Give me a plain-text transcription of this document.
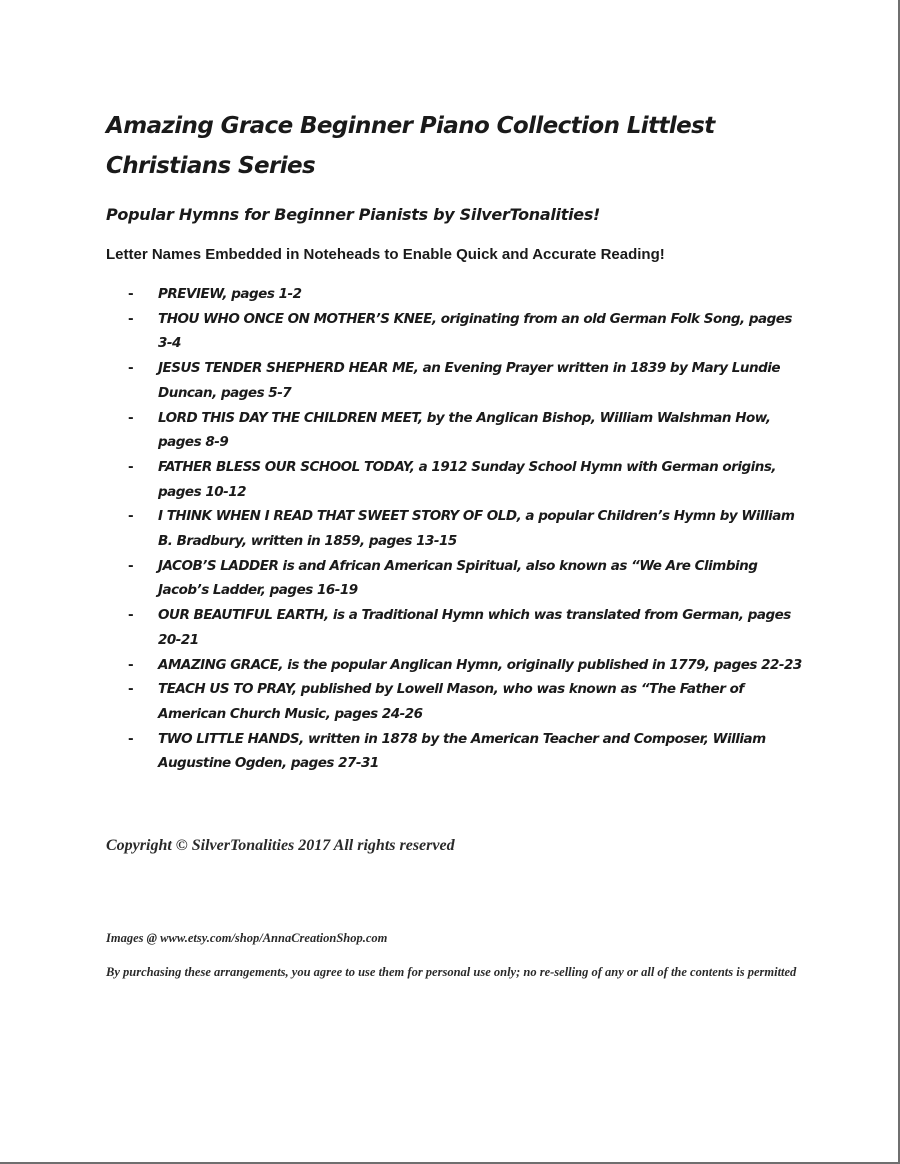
Amazing Grace Beginner Piano Collection Littlest Christians Series

Popular Hymns for Beginner Pianists by SilverTonalities!

Letter Names Embedded in Noteheads to Enable Quick and Accurate Reading!

- PREVIEW, pages 1-2
- THOU WHO ONCE ON MOTHER’S KNEE, originating from an old German Folk Song, pages 3-4
- JESUS TENDER SHEPHERD HEAR ME, an Evening Prayer written in 1839 by Mary Lundie Duncan, pages 5-7
- LORD THIS DAY THE CHILDREN MEET, by the Anglican Bishop, William Walshman How, pages 8-9
- FATHER BLESS OUR SCHOOL TODAY, a 1912 Sunday School Hymn with German origins, pages 10-12
- I THINK WHEN I READ THAT SWEET STORY OF OLD, a popular Children’s Hymn by William B. Bradbury, written in 1859, pages 13-15
- JACOB’S LADDER is and African American Spiritual, also known as “We Are Climbing Jacob’s Ladder, pages 16-19
- OUR BEAUTIFUL EARTH, is a Traditional Hymn which was translated from German, pages 20-21
- AMAZING GRACE, is the popular Anglican Hymn, originally published in 1779, pages 22-23
- TEACH US TO PRAY, published by Lowell Mason, who was known as “The Father of American Church Music, pages 24-26
- TWO LITTLE HANDS, written in 1878 by the American Teacher and Composer, William Augustine Ogden, pages 27-31

Copyright © SilverTonalities 2017 All rights reserved

Images @ www.etsy.com/shop/AnnaCreationShop.com

By purchasing these arrangements, you agree to use them for personal use only; no re-selling of any or all of the contents is permitted
